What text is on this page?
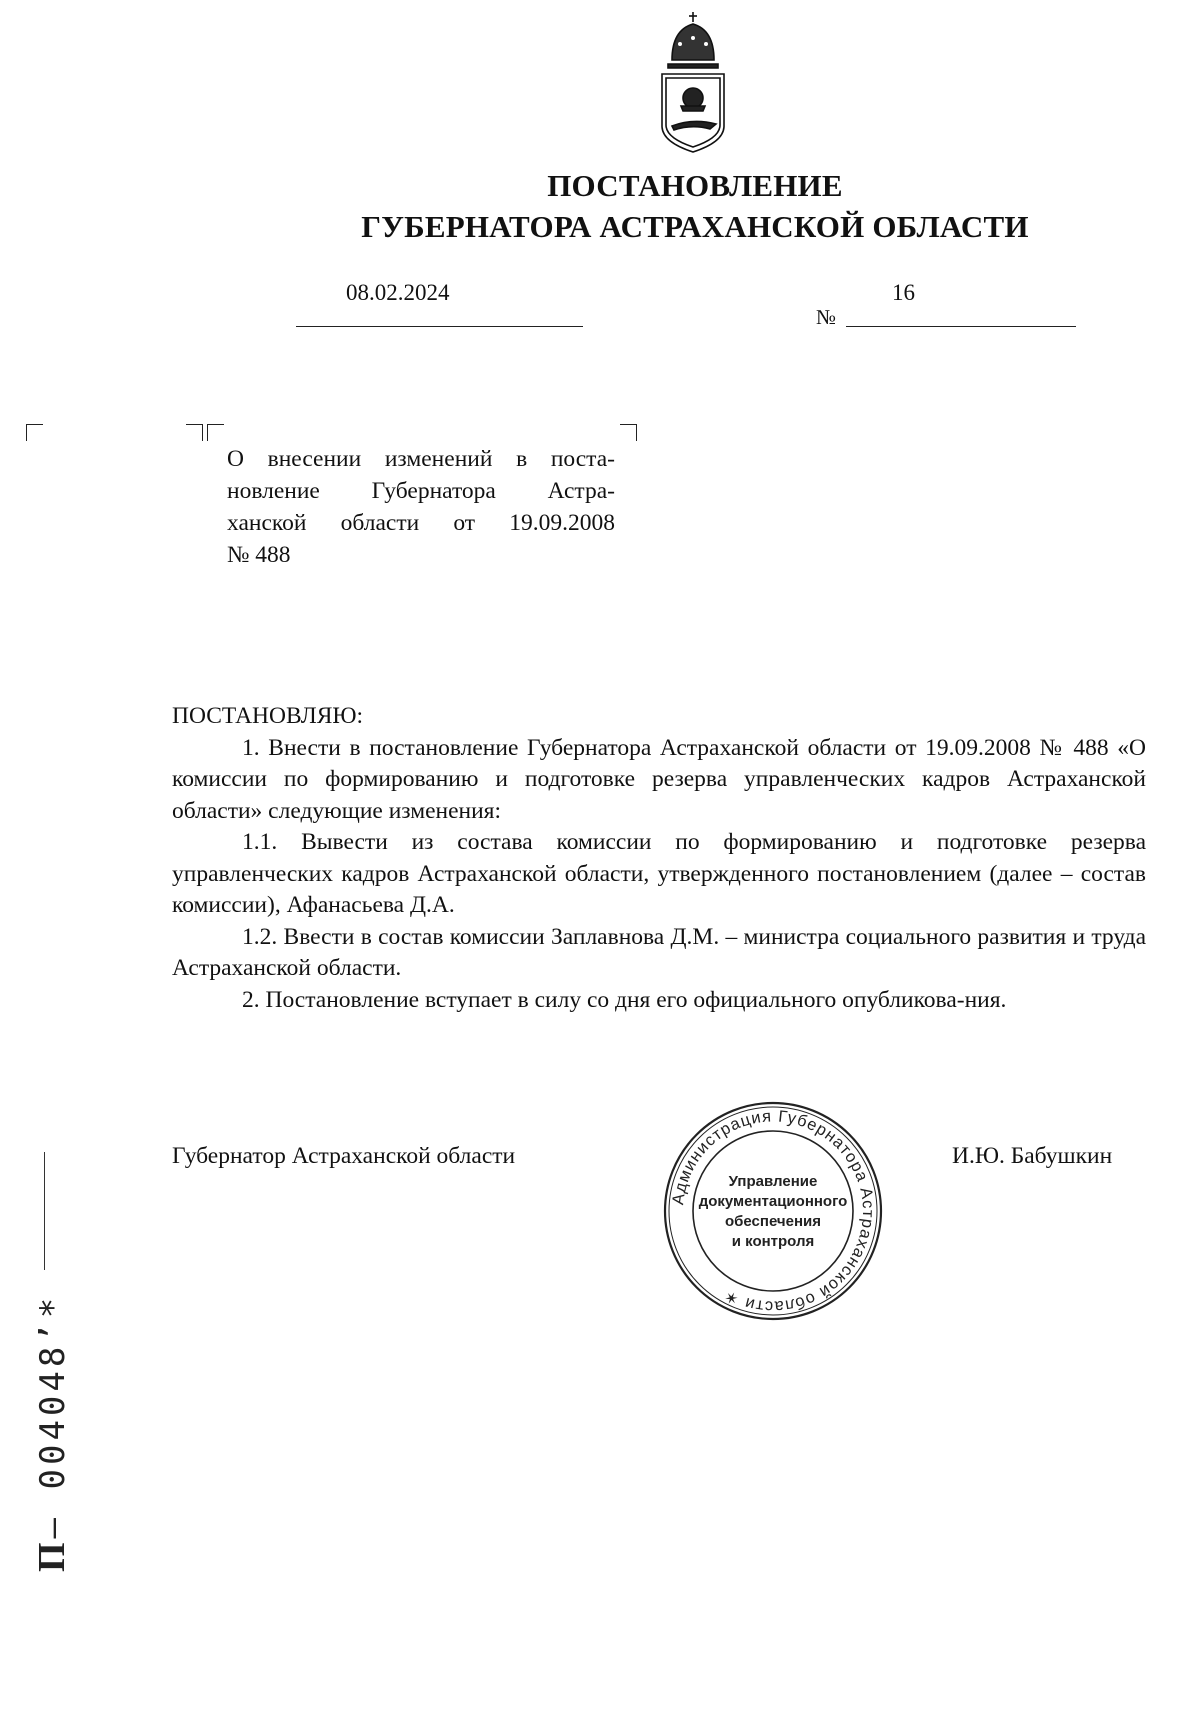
ПОСТАНОВЛЕНИЕ
ГУБЕРНАТОРА АСТРАХАНСКОЙ ОБЛАСТИ
08.02.2024
№
16
О внесении изменений в поста-
новление Губернатора Астра-
ханской области от 19.09.2008
№ 488

ПОСТАНОВЛЯЮ:

1. Внести в постановление Губернатора Астраханской области от 19.09.2008 № 488 «О комиссии по формированию и подготовке резерва управленческих кадров Астраханской области» следующие изменения:

1.1. Вывести из состава комиссии по формированию и подготовке резерва управленческих кадров Астраханской области, утвержденного постановлением (далее – состав комиссии), Афанасьева Д.А.

1.2. Ввести в состав комиссии Заплавнова Д.М. – министра социального развития и труда Астраханской области.

2. Постановление вступает в силу со дня его официального опубликова-ния.

Губернатор Астраханской области	И.Ю. Бабушкин
Администрация Губернатора Астраханской области ✶
Управление
документационного
обеспечения
и контроля
П– 004048’*
